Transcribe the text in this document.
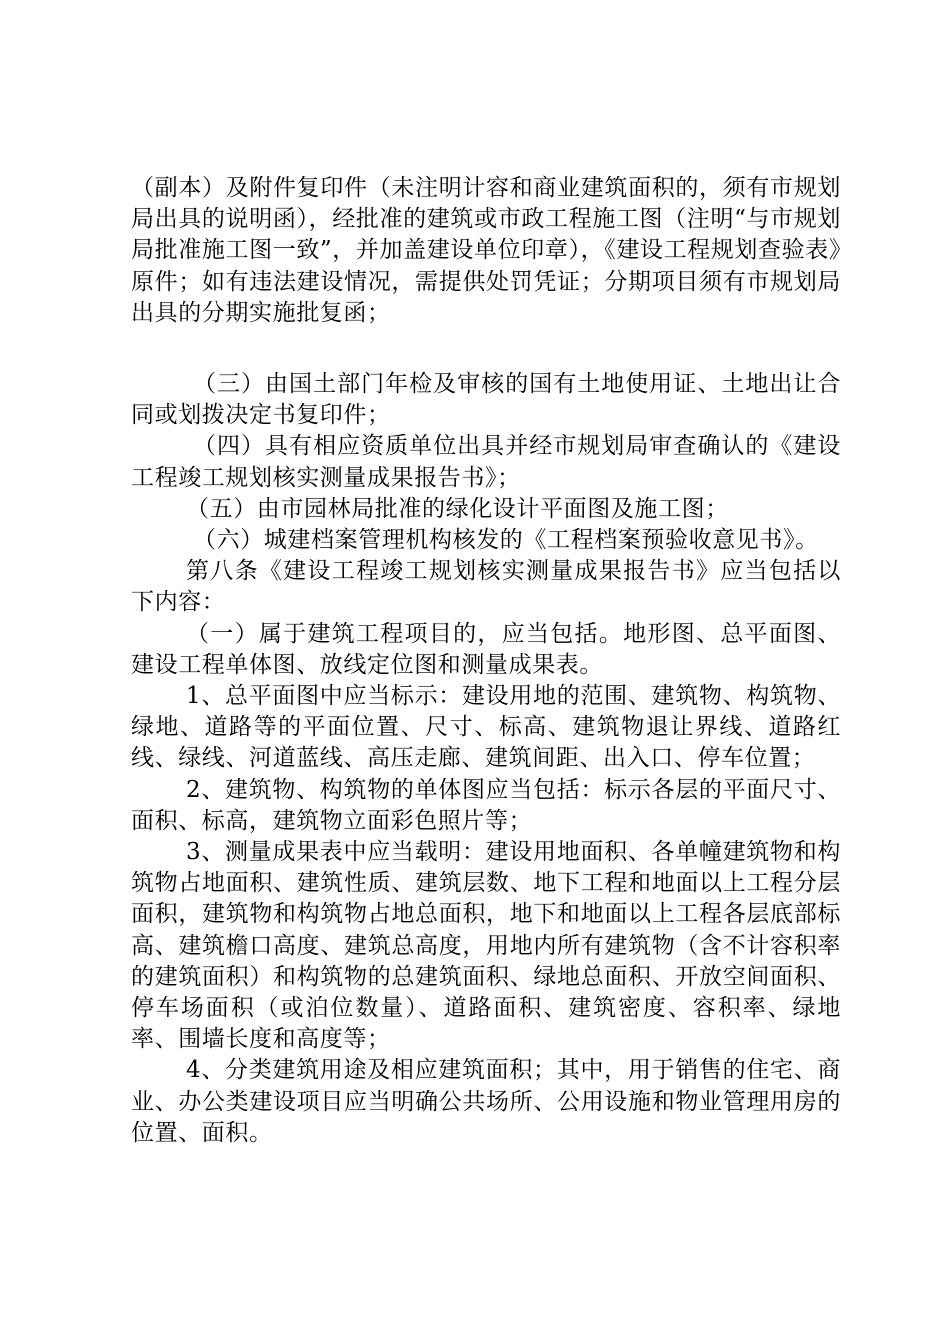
（副本）及附件复印件（未注明计容和商业建筑面积的，须有市规划局出具的说明函），经批准的建筑或市政工程施工图（注明“与市规划局批准施工图一致”，并加盖建设单位印章），《建设工程规划查验表》原件；如有违法建设情况，需提供处罚凭证；分期项目须有市规划局出具的分期实施批复函；

（三）由国土部门年检及审核的国有土地使用证、土地出让合同或划拨决定书复印件；

（四）具有相应资质单位出具并经市规划局审查确认的《建设工程竣工规划核实测量成果报告书》；

（五）由市园林局批准的绿化设计平面图及施工图；

（六）城建档案管理机构核发的《工程档案预验收意见书》。

第八条《建设工程竣工规划核实测量成果报告书》应当包括以下内容：

（一）属于建筑工程项目的，应当包括。地形图、总平面图、建设工程单体图、放线定位图和测量成果表。

1、总平面图中应当标示：建设用地的范围、建筑物、构筑物、绿地、道路等的平面位置、尺寸、标高、建筑物退让界线、道路红线、绿线、河道蓝线、高压走廊、建筑间距、出入口、停车位置；

2、建筑物、构筑物的单体图应当包括：标示各层的平面尺寸、面积、标高，建筑物立面彩色照片等；

3、测量成果表中应当载明：建设用地面积、各单幢建筑物和构筑物占地面积、建筑性质、建筑层数、地下工程和地面以上工程分层面积，建筑物和构筑物占地总面积，地下和地面以上工程各层底部标高、建筑檐口高度、建筑总高度，用地内所有建筑物（含不计容积率的建筑面积）和构筑物的总建筑面积、绿地总面积、开放空间面积、停车场面积（或泊位数量）、道路面积、建筑密度、容积率、绿地率、围墙长度和高度等；

4、分类建筑用途及相应建筑面积；其中，用于销售的住宅、商业、办公类建设项目应当明确公共场所、公用设施和物业管理用房的位置、面积。
